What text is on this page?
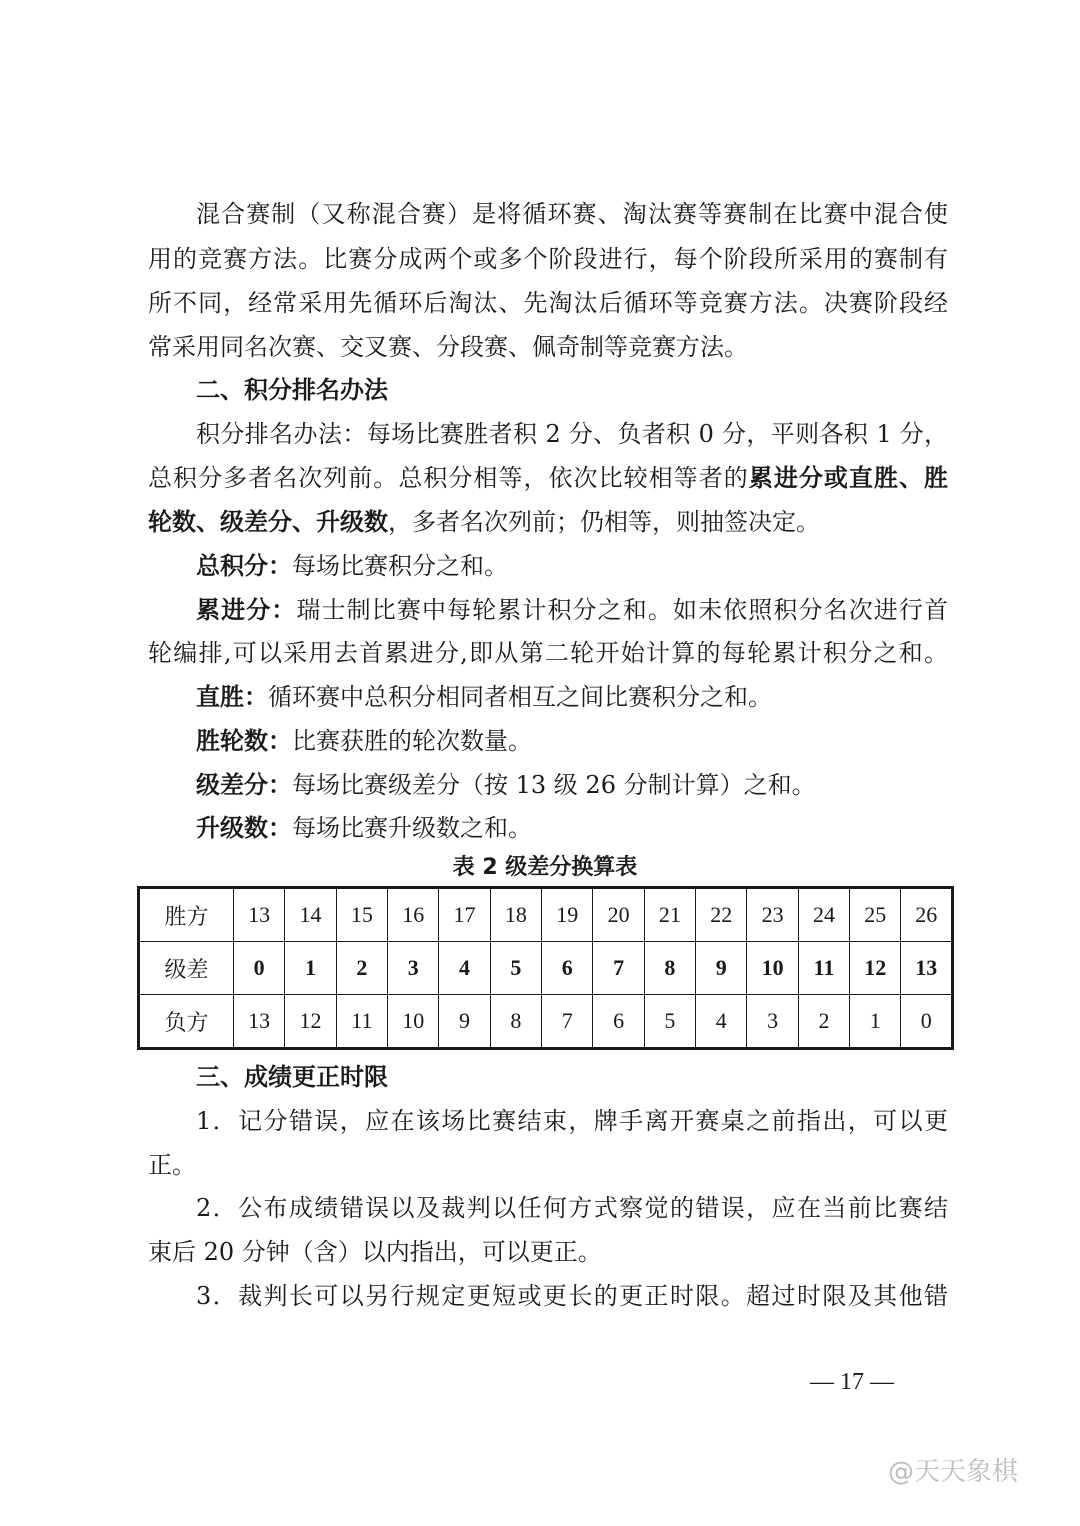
混合赛制（又称混合赛）是将循环赛、淘汰赛等赛制在比赛中混合使
用的竞赛方法。比赛分成两个或多个阶段进行，每个阶段所采用的赛制有
所不同，经常采用先循环后淘汰、先淘汰后循环等竞赛方法。决赛阶段经
常采用同名次赛、交叉赛、分段赛、佩奇制等竞赛方法。
二、积分排名办法
积分排名办法：每场比赛胜者积 2 分、负者积 0 分，平则各积 1 分，
总积分多者名次列前。总积分相等，依次比较相等者的累进分或直胜、胜
轮数、级差分、升级数，多者名次列前；仍相等，则抽签决定。
总积分：每场比赛积分之和。
累进分：瑞士制比赛中每轮累计积分之和。如未依照积分名次进行首
轮编排,可以采用去首累进分,即从第二轮开始计算的每轮累计积分之和。
直胜：循环赛中总积分相同者相互之间比赛积分之和。
胜轮数：比赛获胜的轮次数量。
级差分：每场比赛级差分（按 13 级 26 分制计算）之和。
升级数：每场比赛升级数之和。
表 2 级差分换算表
胜方	13	14	15	16	17	18	19	20	21	22	23	24	25	26
级差	0	1	2	3	4	5	6	7	8	9	10	11	12	13
负方	13	12	11	10	9	8	7	6	5	4	3	2	1	0
三、成绩更正时限
1．记分错误，应在该场比赛结束，牌手离开赛桌之前指出，可以更
正。
2．公布成绩错误以及裁判以任何方式察觉的错误，应在当前比赛结
束后 20 分钟（含）以内指出，可以更正。
3．裁判长可以另行规定更短或更长的更正时限。超过时限及其他错
— 17 —
@天天象棋
